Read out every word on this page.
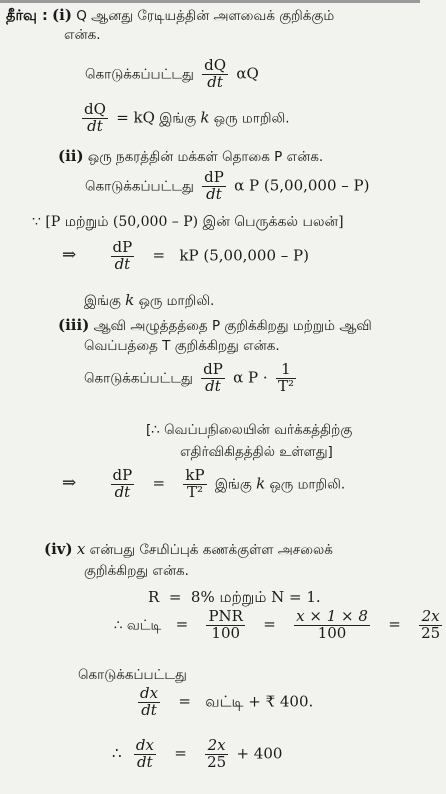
தீர்வு : (i) Q ஆனது ரேடியத்தின் அளவைக் குறிக்கும்
என்க.
கொடுக்கப்பட்டது $\frac{dQ}{dt}$ αQ
$\frac{dQ}{dt}$ = kQ இங்கு k ஒரு மாறிலி.
(ii) ஒரு நகரத்தின் மக்கள் தொகை P என்க.
கொடுக்கப்பட்டது $\frac{dP}{dt}$ α P (5,00,000 – P)
∵ [P மற்றும் (50,000 – P) இன் பெருக்கல் பலன்]
⇒ $\frac{dP}{dt}$ = kP (5,00,000 – P)
இங்கு k ஒரு மாறிலி.
(iii) ஆவி அழுத்தத்தை P குறிக்கிறது மற்றும் ஆவி
வெப்பத்தை T குறிக்கிறது என்க.
கொடுக்கப்பட்டது $\frac{dP}{dt}$ α $P \cdot \frac{1}{\text{T²}}$
[∴ வெப்பநிலையின் வர்க்கத்திற்கு
எதிர்விகிதத்தில் உள்ளது]
⇒ $\frac{dP}{dt} = \frac{kP}{\text{T²}}$ இங்கு k ஒரு மாறிலி.
(iv) x என்பது சேமிப்புக் கணக்குள்ள அசலைக்
குறிக்கிறது என்க.
R  =  8% மற்றும் N = 1.
∴ வட்டி = $\frac{\text{PNR}}{100} = \frac{x \times 1 \times 8}{100} = \frac{2x}{25}$
கொடுக்கப்பட்டது
$\frac{dx}{dt}$ = வட்டி + ₹ 400.
∴ $\frac{dx}{dt} = \frac{2x}{25} + 400$
